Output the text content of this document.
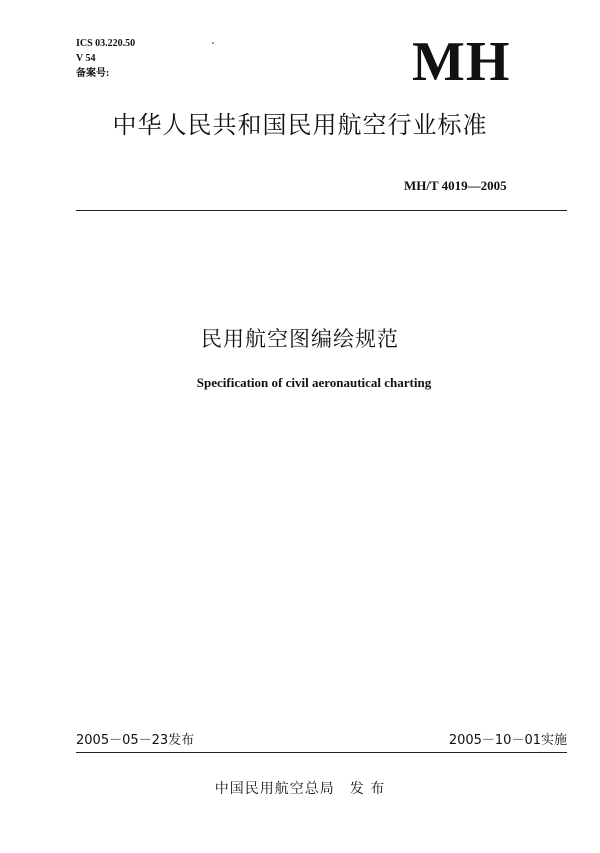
ICS 03.220.50
V 54
备案号:	MH
中华人民共和国民用航空行业标准
MH/T 4019—2005
民用航空图编绘规范
Specification of civil aeronautical charting
2005－05－23发布	2005－10－01实施
中国民用航空总局　发 布
